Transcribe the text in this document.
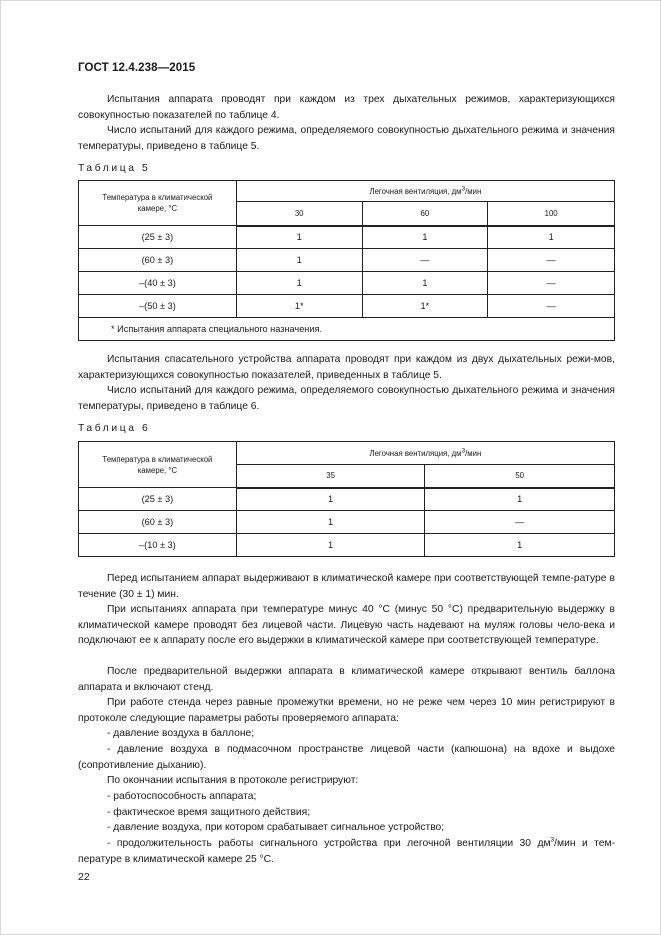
ГОСТ 12.4.238—2015

Испытания аппарата проводят при каждом из трех дыхательных режимов, характеризующихся совокупностью показателей по таблице 4.

Число испытаний для каждого режима, определяемого совокупностью дыхательного режима и значения температуры, приведено в таблице 5.

Таблица 5
Температура в климатической камере, °С	Легочная вентиляция, $дм^3$/мин		
	30	60	100
(25 ± 3)	1	1	1
(60 ± 3)	1	—	—
–(40 ± 3)	1	1	—
–(50 ± 3)	1*	1*	—
* Испытания аппарата специального назначения.			

Испытания спасательного устройства аппарата проводят при каждом из двух дыхательных режи-мов, характеризующихся совокупностью показателей, приведенных в таблице 5.

Число испытаний для каждого режима, определяемого совокупностью дыхательного режима и значения температуры, приведено в таблице 6.

Таблица 6
Температура в климатической камере, °С	Легочная вентиляция, $дм^3$/мин	
	35	50
(25 ± 3)	1	1
(60 ± 3)	1	—
–(10 ± 3)	1	1

Перед испытанием аппарат выдерживают в климатической камере при соответствующей темпе-ратуре в течение (30 ± 1) мин.

При испытаниях аппарата при температуре минус 40 °С (минус 50 °С) предварительную выдержку в климатической камере проводят без лицевой части. Лицевую часть надевают на муляж головы чело-века и подключают ее к аппарату после его выдержки в климатической камере при соответствующей температуре.

После предварительной выдержки аппарата в климатической камере открывают вентиль баллона аппарата и включают стенд.

При работе стенда через равные промежутки времени, но не реже чем через 10 мин регистрируют в протоколе следующие параметры работы проверяемого аппарата:

- давление воздуха в баллоне;

- давление воздуха в подмасочном пространстве лицевой части (капюшона) на вдохе и выдохе (сопротивление дыханию).

По окончании испытания в протоколе регистрируют:

- работоспособность аппарата;
- фактическое время защитного действия;
- давление воздуха, при котором срабатывает сигнальное устройство;

- продолжительность работы сигнального устройства при легочной вентиляции 30 $дм^3$/мин и тем-пературе в климатической камере 25 °С.

22
